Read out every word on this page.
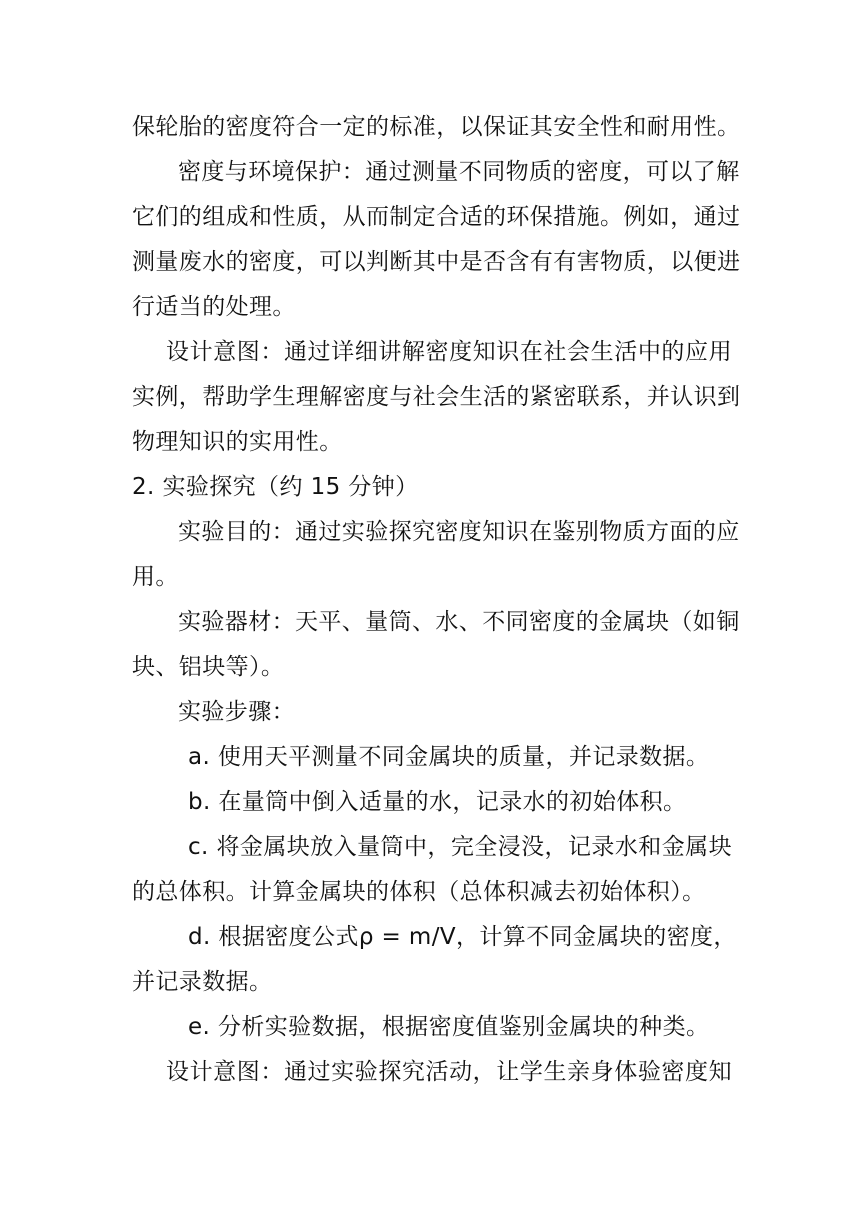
保轮胎的密度符合一定的标准，以保证其安全性和耐用性。
密度与环境保护：通过测量不同物质的密度，可以了解
它们的组成和性质，从而制定合适的环保措施。例如，通过
测量废水的密度，可以判断其中是否含有有害物质，以便进
行适当的处理。
设计意图：通过详细讲解密度知识在社会生活中的应用
实例，帮助学生理解密度与社会生活的紧密联系，并认识到
物理知识的实用性。
2. 实验探究（约 15 分钟）
实验目的：通过实验探究密度知识在鉴别物质方面的应
用。
实验器材：天平、量筒、水、不同密度的金属块（如铜
块、铝块等）。
实验步骤：
a. 使用天平测量不同金属块的质量，并记录数据。
b. 在量筒中倒入适量的水，记录水的初始体积。
c. 将金属块放入量筒中，完全浸没，记录水和金属块
的总体积。计算金属块的体积（总体积减去初始体积）。
d. 根据密度公式ρ = m/V，计算不同金属块的密度，
并记录数据。
e. 分析实验数据，根据密度值鉴别金属块的种类。
设计意图：通过实验探究活动，让学生亲身体验密度知
